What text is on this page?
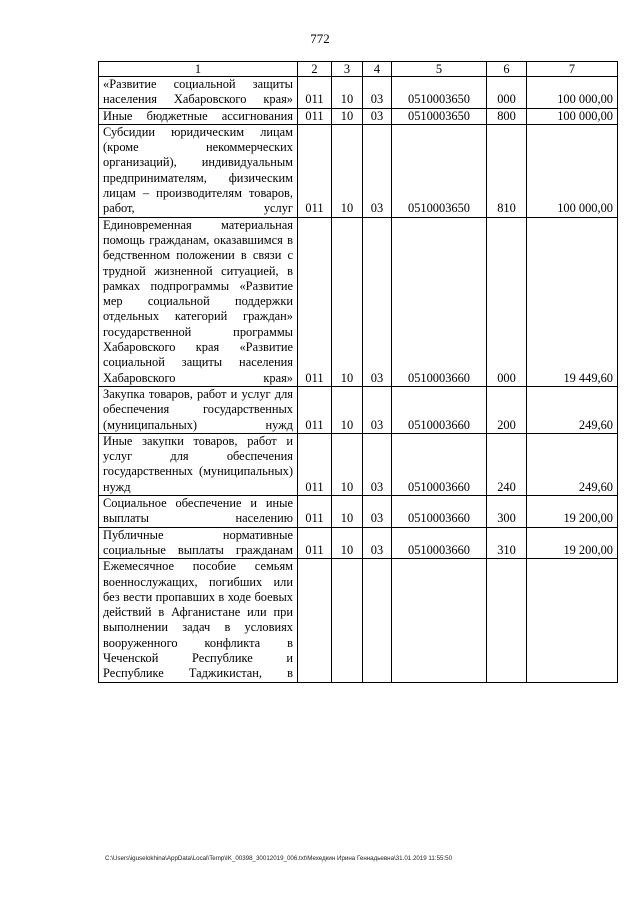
772
1	2	3	4	5	6	7
«Развитие социальной защиты населения Хабаровского края»	011	10	03	0510003650	000	100 000,00
Иные бюджетные ассигнования	011	10	03	0510003650	800	100 000,00
Субсидии юридическим лицам (кроме некоммерческих организаций), индивидуальным предпринимателям, физическим лицам – производителям товаров, работ, услуг	011	10	03	0510003650	810	100 000,00
Единовременная материальная помощь гражданам, оказавшимся в бедственном положении в связи с трудной жизненной ситуацией, в рамках подпрограммы «Развитие мер социальной поддержки отдельных категорий граждан» государственной программы Хабаровского края «Развитие социальной защиты населения Хабаровского края»	011	10	03	0510003660	000	19 449,60
Закупка товаров, работ и услуг для обеспечения государственных (муниципальных) нужд	011	10	03	0510003660	200	249,60
Иные закупки товаров, работ и услуг для обеспечения государственных (муниципальных) нужд	011	10	03	0510003660	240	249,60
Социальное обеспечение и иные выплаты населению	011	10	03	0510003660	300	19 200,00
Публичные нормативные социальные выплаты гражданам	011	10	03	0510003660	310	19 200,00
Ежемесячное пособие семьям военнослужащих, погибших или без вести пропавших в ходе боевых действий в Афганистане или при выполнении задач в условиях вооруженного конфликта в Чеченской Республике и Республике Таджикистан, в						
C:\Users\iguselokhina\AppData\Local\Temp\IK_00398_30012019_006.txt\Мехедкин Ирина Геннадьевна\31.01.2019 11:55:50
